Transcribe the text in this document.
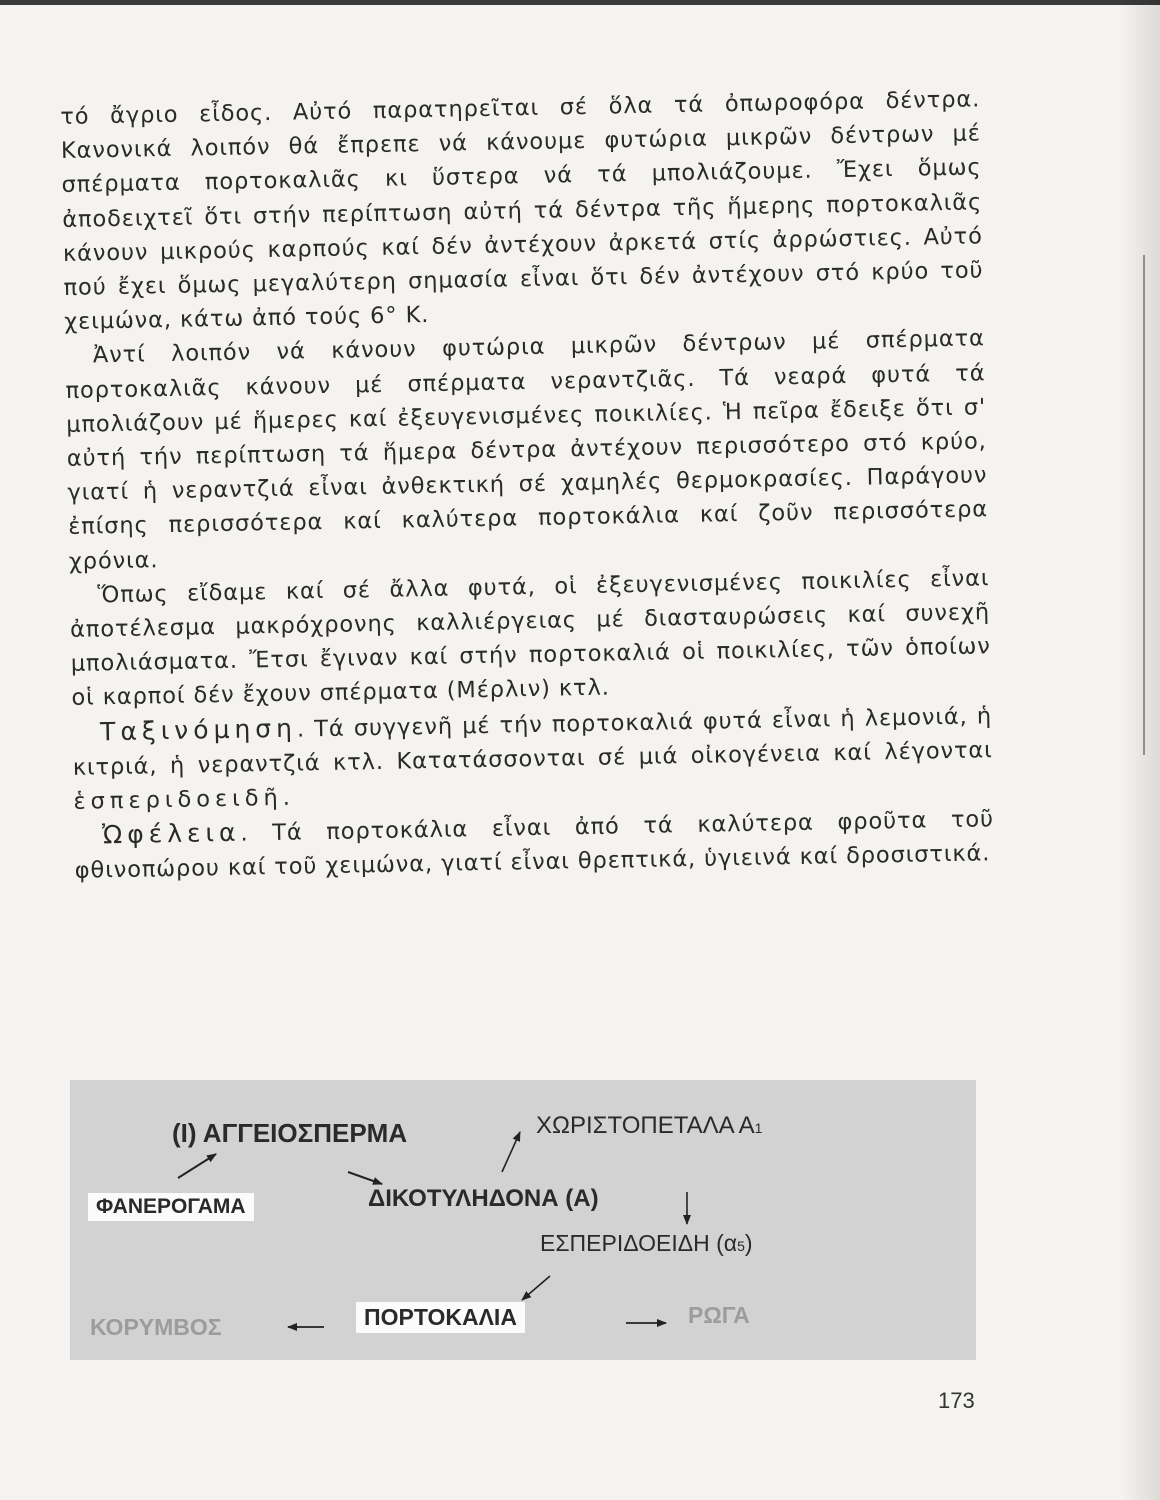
τό ἄγριο εἶδος. Αὐτό παρατηρεῖται σέ ὅλα τά ὀπωροφόρα δέντρα. Κανονικά λοιπόν θά ἔπρεπε νά κάνουμε φυτώρια μικρῶν δέντρων μέ σπέρματα πορτοκαλιᾶς κι ὕστερα νά τά μπολιάζουμε. Ἔχει ὅμως ἀποδειχτεῖ ὅτι στήν περίπτωση αὐτή τά δέντρα τῆς ἥμερης πορτοκαλιᾶς κάνουν μικρούς καρπούς καί δέν ἀντέχουν ἀρκετά στίς ἀρρώστιες. Αὐτό πού ἔχει ὅμως μεγαλύτερη σημασία εἶναι ὅτι δέν ἀντέχουν στό κρύο τοῦ χειμώνα, κάτω ἀπό τούς 6° Κ.

Ἀντί λοιπόν νά κάνουν φυτώρια μικρῶν δέντρων μέ σπέρματα πορτοκαλιᾶς κάνουν μέ σπέρματα νεραντζιᾶς. Τά νεαρά φυτά τά μπολιάζουν μέ ἥμερες καί ἐξευγενισμένες ποικιλίες. Ἡ πεῖρα ἔδειξε ὅτι σ' αὐτή τήν περίπτωση τά ἥμερα δέντρα ἀντέχουν περισσότερο στό κρύο, γιατί ἡ νεραντζιά εἶναι ἀνθεκτική σέ χαμηλές θερμοκρασίες. Παράγουν ἐπίσης περισσότερα καί καλύτερα πορτοκάλια καί ζοῦν περισσότερα χρόνια.

Ὅπως εἴδαμε καί σέ ἄλλα φυτά, οἱ ἐξευγενισμένες ποικιλίες εἶναι ἀποτέλεσμα μακρόχρονης καλλιέργειας μέ διασταυρώσεις καί συνεχῆ μπολιάσματα. Ἔτσι ἔγιναν καί στήν πορτοκαλιά οἱ ποικιλίες, τῶν ὁποίων οἱ καρποί δέν ἔχουν σπέρματα (Μέρλιν) κτλ.

Ταξινόμηση. Τά συγγενῆ μέ τήν πορτοκαλιά φυτά εἶναι ἡ λεμονιά, ἡ κιτριά, ἡ νεραντζιά κτλ. Κατατάσσονται σέ μιά οἰκογένεια καί λέγονται ἑσπεριδοειδῆ.

Ὠφέλεια. Τά πορτοκάλια εἶναι ἀπό τά καλύτερα φροῦτα τοῦ φθινοπώρου καί τοῦ χειμώνα, γιατί εἶναι θρεπτικά, ὑγιεινά καί δροσιστικά.

(Ι) ΑΓΓΕΙΟΣΠΕΡΜΑ	ΧΩΡΙΣΤΟΠΕΤΑΛΑ Α1
ΦΑΝΕΡΟΓΑΜΑ	ΔΙΚΟΤΥΛΗΔΟΝΑ (Α)
ΕΣΠΕΡΙΔΟΕΙΔΗ (α5)
ΚΟΡΥΜΒΟΣ	ΠΟΡΤΟΚΑΛΙΑ	ΡΩΓΑ
173
